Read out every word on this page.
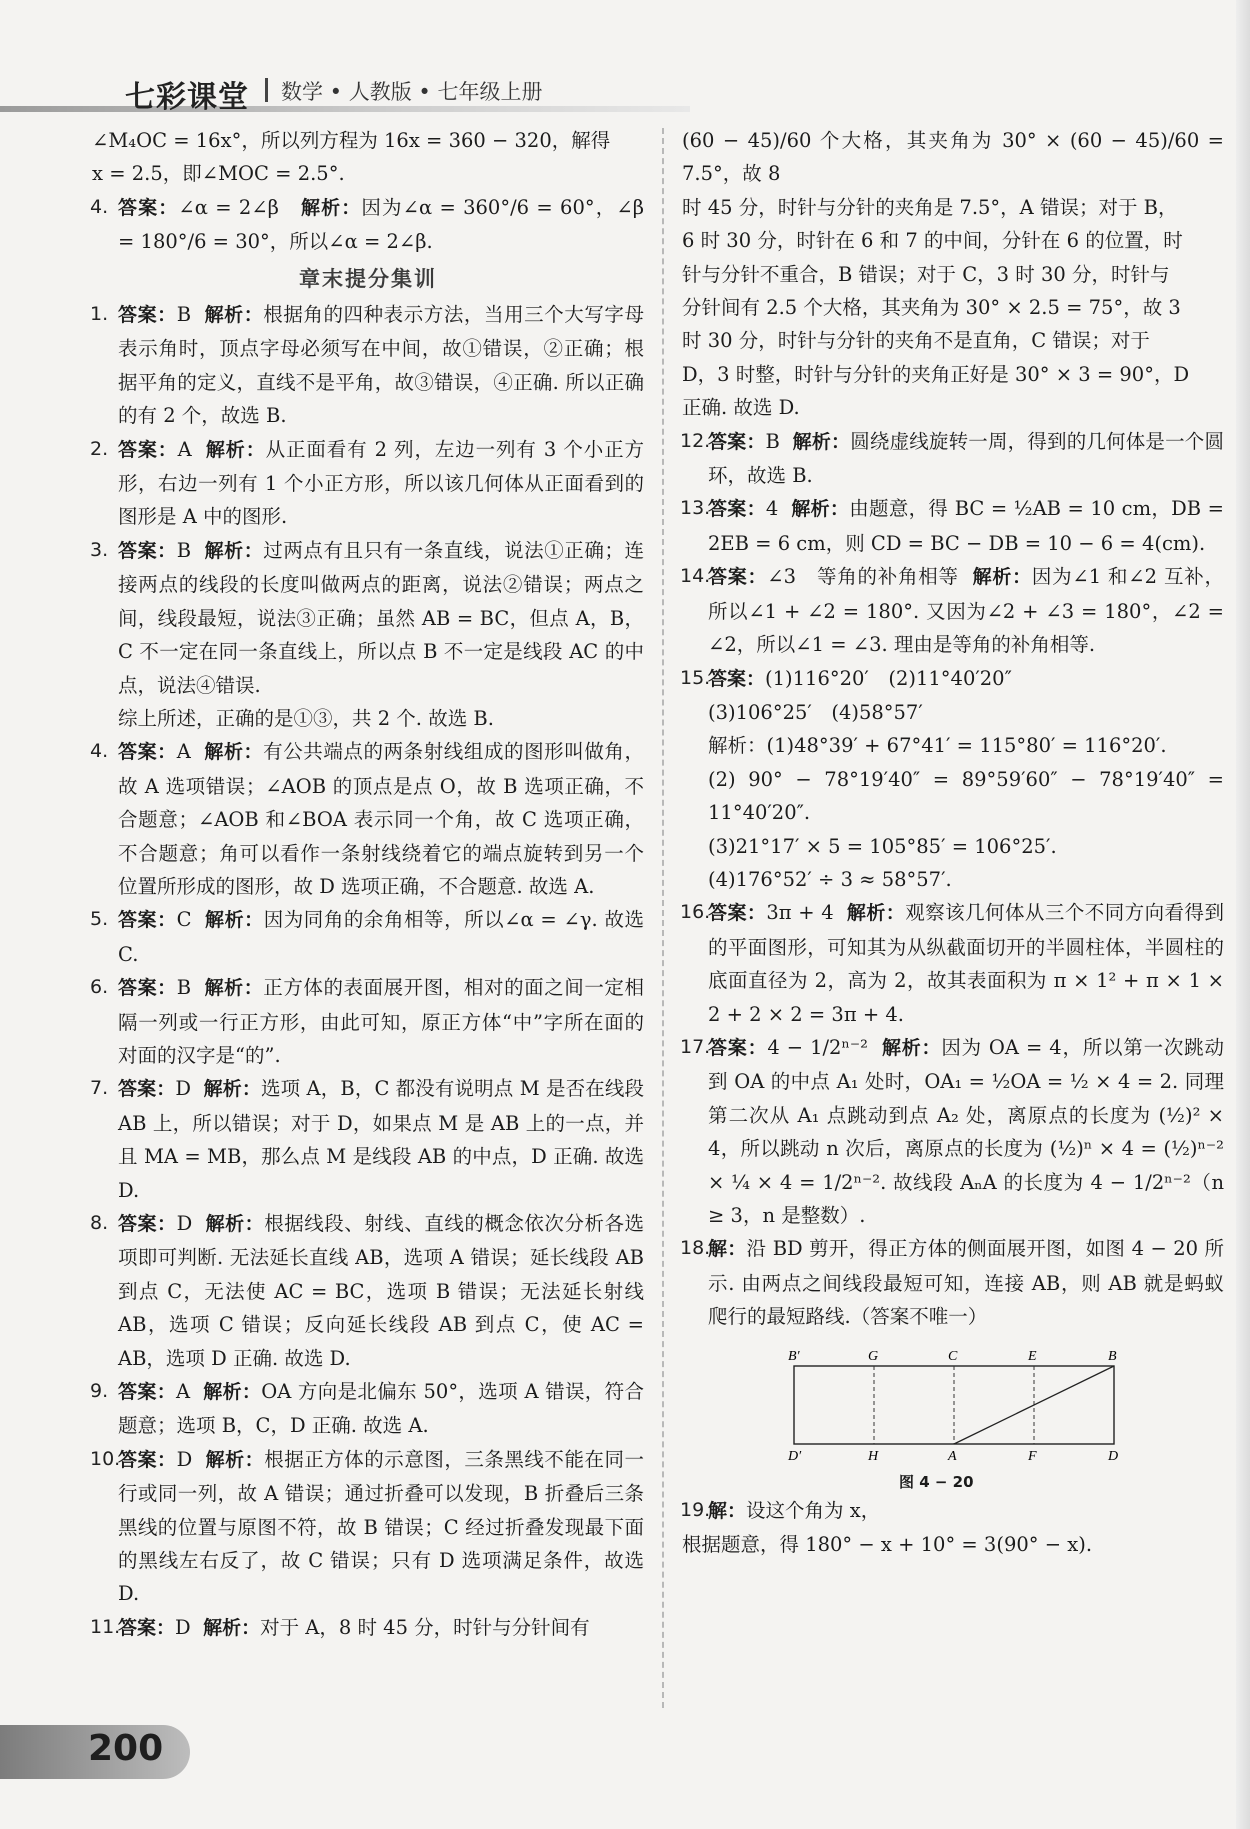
七彩课堂 数学 • 人教版 • 七年级上册

∠M₄OC = 16x°，所以列方程为 16x = 360 − 320，解得

x = 2.5，即∠MOC = 2.5°.

4. 答案：∠α = 2∠β 解析：因为∠α = 360°/6 = 60°，∠β = 180°/6 = 30°，所以∠α = 2∠β.
章末提分集训
1. 答案：B 解析：根据角的四种表示方法，当用三个大写字母表示角时，顶点字母必须写在中间，故①错误，②正确；根据平角的定义，直线不是平角，故③错误，④正确. 所以正确的有 2 个，故选 B.
2. 答案：A 解析：从正面看有 2 列，左边一列有 3 个小正方形，右边一列有 1 个小正方形，所以该几何体从正面看到的图形是 A 中的图形.
3. 答案：B 解析：过两点有且只有一条直线，说法①正确；连接两点的线段的长度叫做两点的距离，说法②错误；两点之间，线段最短，说法③正确；虽然 AB = BC，但点 A，B，C 不一定在同一条直线上，所以点 B 不一定是线段 AC 的中点，说法④错误.
综上所述，正确的是①③，共 2 个. 故选 B.
4. 答案：A 解析：有公共端点的两条射线组成的图形叫做角，故 A 选项错误；∠AOB 的顶点是点 O，故 B 选项正确，不合题意；∠AOB 和∠BOA 表示同一个角，故 C 选项正确，不合题意；角可以看作一条射线绕着它的端点旋转到另一个位置所形成的图形，故 D 选项正确，不合题意. 故选 A.
5. 答案：C 解析：因为同角的余角相等，所以∠α = ∠γ. 故选 C.
6. 答案：B 解析：正方体的表面展开图，相对的面之间一定相隔一列或一行正方形，由此可知，原正方体“中”字所在面的对面的汉字是“的”.
7. 答案：D 解析：选项 A，B，C 都没有说明点 M 是否在线段 AB 上，所以错误；对于 D，如果点 M 是 AB 上的一点，并且 MA = MB，那么点 M 是线段 AB 的中点，D 正确. 故选 D.
8. 答案：D 解析：根据线段、射线、直线的概念依次分析各选项即可判断. 无法延长直线 AB，选项 A 错误；延长线段 AB 到点 C，无法使 AC = BC，选项 B 错误；无法延长射线 AB，选项 C 错误；反向延长线段 AB 到点 C，使 AC = AB，选项 D 正确. 故选 D.
9. 答案：A 解析：OA 方向是北偏东 50°，选项 A 错误，符合题意；选项 B，C，D 正确. 故选 A.
10.
答案：D 解析：根据正方体的示意图，三条黑线不能在同一行或同一列，故 A 错误；通过折叠可以发现，B 折叠后三条黑线的位置与原图不符，故 B 错误；C 经过折叠发现最下面的黑线左右反了，故 C 错误；只有 D 选项满足条件，故选 D.
11.
答案：D 解析：对于 A，8 时 45 分，时针与分针间有

(60 − 45)/60 个大格，其夹角为 30° × (60 − 45)/60 = 7.5°，故 8

时 45 分，时针与分针的夹角是 7.5°，A 错误；对于 B，

6 时 30 分，时针在 6 和 7 的中间，分针在 6 的位置，时

针与分针不重合，B 错误；对于 C，3 时 30 分，时针与

分针间有 2.5 个大格，其夹角为 30° × 2.5 = 75°，故 3

时 30 分，时针与分针的夹角不是直角，C 错误；对于

D，3 时整，时针与分针的夹角正好是 30° × 3 = 90°，D

正确. 故选 D.

12.
答案：B 解析：圆绕虚线旋转一周，得到的几何体是一个圆环，故选 B.
13.
答案：4 解析：由题意，得 BC = ½AB = 10 cm，DB = 2EB = 6 cm，则 CD = BC − DB = 10 − 6 = 4(cm).
14.
答案：∠3　等角的补角相等 解析：因为∠1 和∠2 互补，所以∠1 + ∠2 = 180°. 又因为∠2 + ∠3 = 180°，∠2 = ∠2，所以∠1 = ∠3. 理由是等角的补角相等.
15.
答案：(1)116°20′　(2)11°40′20″
(3)106°25′　(4)58°57′
解析：(1)48°39′ + 67°41′ = 115°80′ = 116°20′.
(2) 90° − 78°19′40″ = 89°59′60″ − 78°19′40″ = 11°40′20″.
(3)21°17′ × 5 = 105°85′ = 106°25′.
(4)176°52′ ÷ 3 ≈ 58°57′.
16.
答案：3π + 4 解析：观察该几何体从三个不同方向看得到的平面图形，可知其为从纵截面切开的半圆柱体，半圆柱的底面直径为 2，高为 2，故其表面积为 π × 1² + π × 1 × 2 + 2 × 2 = 3π + 4.
17.
答案：4 − 1/2ⁿ⁻² 解析：因为 OA = 4，所以第一次跳动到 OA 的中点 A₁ 处时，OA₁ = ½OA = ½ × 4 = 2. 同理第二次从 A₁ 点跳动到点 A₂ 处，离原点的长度为 (½)² × 4，所以跳动 n 次后，离原点的长度为 (½)ⁿ × 4 = (½)ⁿ⁻² × ¼ × 4 = 1/2ⁿ⁻². 故线段 AₙA 的长度为 4 − 1/2ⁿ⁻²（n ≥ 3，n 是整数）.
18.
解：沿 BD 剪开，得正方体的侧面展开图，如图 4 − 20 所示. 由两点之间线段最短可知，连接 AB，则 AB 就是蚂蚁爬行的最短路线.（答案不唯一）
B′	G	C	E	B
D′	H	A	F	D
图 4 − 20
19.
解：设这个角为 x，

根据题意，得 180° − x + 10° = 3(90° − x).

200
